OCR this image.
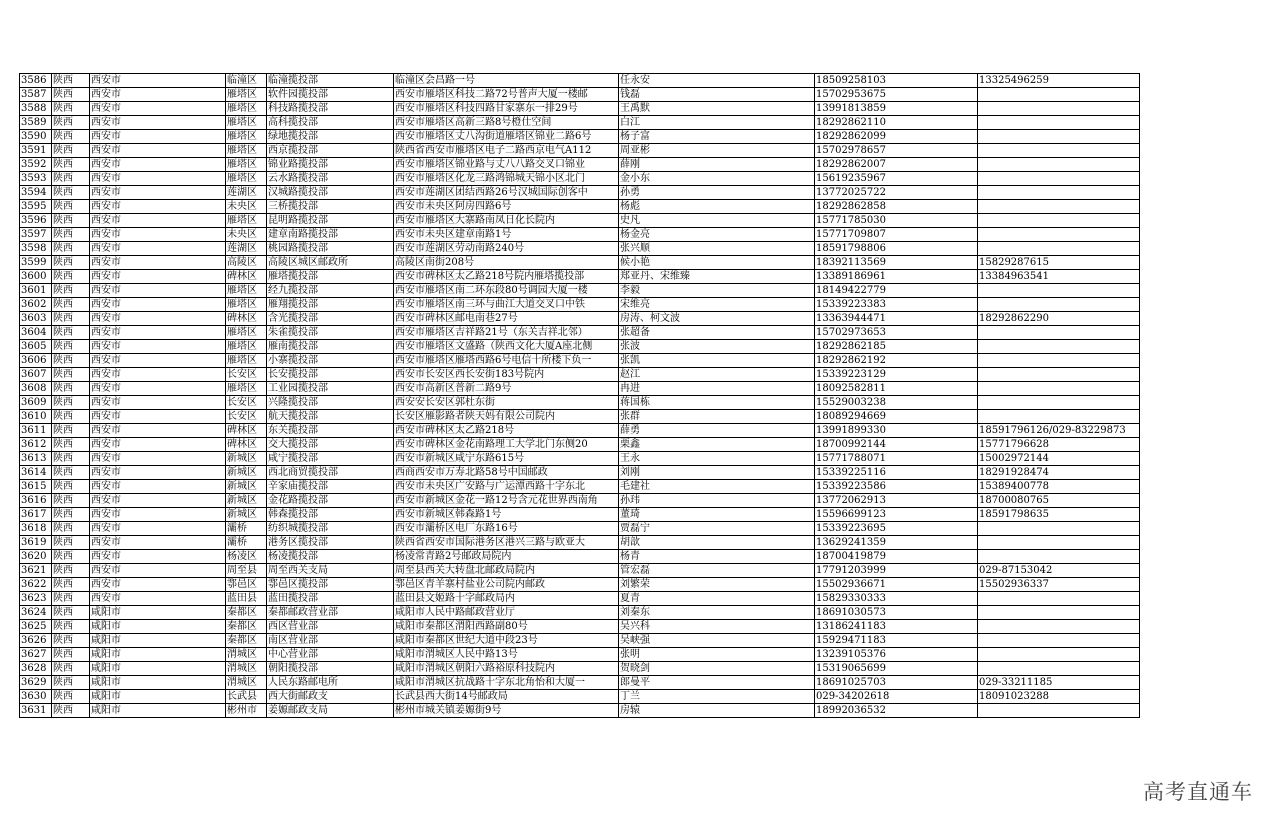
3586	陕西	西安市	临潼区	临潼揽投部	临潼区会昌路一号	任永安	18509258103	13325496259
3587	陕西	西安市	雁塔区	软件园揽投部	西安市雁塔区科技二路72号普声大厦一楼邮	钱磊	15702953675	
3588	陕西	西安市	雁塔区	科技路揽投部	西安市雁塔区科技四路甘家寨东一排29号	王禹默	13991813859	
3589	陕西	西安市	雁塔区	高科揽投部	西安市雁塔区高新三路8号橙仕空间	白江	18292862110	
3590	陕西	西安市	雁塔区	绿地揽投部	西安市雁塔区丈八沟街道雁塔区锦业二路6号	杨子富	18292862099	
3591	陕西	西安市	雁塔区	西京揽投部	陕西省西安市雁塔区电子二路西京电气A112	周亚彬	15702978657	
3592	陕西	西安市	雁塔区	锦业路揽投部	西安市雁塔区锦业路与丈八八路交叉口锦业	薛刚	18292862007	
3593	陕西	西安市	雁塔区	云水路揽投部	西安市雁塔区化龙三路鸿锦城天锦小区北门	金小东	15619235967	
3594	陕西	西安市	莲湖区	汉城路揽投部	西安市莲湖区团结西路26号汉城国际创客中	孙勇	13772025722	
3595	陕西	西安市	未央区	三桥揽投部	西安市未央区阿房四路6号	杨彪	18292862858	
3596	陕西	西安市	雁塔区	昆明路揽投部	西安市雁塔区大寨路南凤日化长院内	史凡	15771785030	
3597	陕西	西安市	未央区	建章南路揽投部	西安市未央区建章南路1号	杨金亮	15771709807	
3598	陕西	西安市	莲湖区	桃园路揽投部	西安市莲湖区劳动南路240号	张兴顺	18591798806	
3599	陕西	西安市	高陵区	高陵区城区邮政所	高陵区南街208号	候小艳	18392113569	15829287615
3600	陕西	西安市	碑林区	雁塔揽投部	西安市碑林区太乙路218号院内雁塔揽投部	郑亚丹、宋维臻	13389186961	13384963541
3601	陕西	西安市	雁塔区	经九揽投部	西安市雁塔区南二环东段80号调园大厦一楼	李毅	18149422779	
3602	陕西	西安市	雁塔区	雁翔揽投部	西安市雁塔区南三环与曲江大道交叉口中铁	宋维亮	15339223383	
3603	陕西	西安市	碑林区	含光揽投部	西安市碑林区邮电南巷27号	房涛、柯文波	13363944471	18292862290
3604	陕西	西安市	雁塔区	朱雀揽投部	西安市雁塔区吉祥路21号（东关吉祥北邻）	张超备	15702973653	
3605	陕西	西安市	雁塔区	雁南揽投部	西安市雁塔区文盛路（陕西文化大厦A座北侧	张波	18292862185	
3606	陕西	西安市	雁塔区	小寨揽投部	西安市雁塔区雁塔西路6号电信十所楼下负一	张凯	18292862192	
3607	陕西	西安市	长安区	长安揽投部	西安市长安区西长安街183号院内	赵江	15339223129	
3608	陕西	西安市	雁塔区	工业园揽投部	西安市高新区普新二路9号	冉进	18092582811	
3609	陕西	西安市	长安区	兴隆揽投部	西安安长安区郭杜东街	蒋国栋	15529003238	
3610	陕西	西安市	长安区	航天揽投部	长安区雁影路者陕天妈有限公司院内	张群	18089294669	
3611	陕西	西安市	碑林区	东关揽投部	西安市碑林区太乙路218号	薛勇	13991899330	18591796126/029-83229873
3612	陕西	西安市	碑林区	交大揽投部	西安市碑林区金花南路理工大学北门东侧20	栗鑫	18700992144	15771796628
3613	陕西	西安市	新城区	咸宁揽投部	西安市新城区咸宁东路615号	王永	15771788071	15002972144
3614	陕西	西安市	新城区	西北商贸揽投部	西商西安市万寿北路58号中国邮政	刘刚	15339225116	18291928474
3615	陕西	西安市	新城区	辛家庙揽投部	西安市未央区广安路与广运潭西路十字东北	毛建社	15339223586	15389400778
3616	陕西	西安市	新城区	金花路揽投部	西安市新城区金花一路12号含元花世界西南角	孙玮	13772062913	18700080765
3617	陕西	西安市	新城区	韩森揽投部	西安市新城区韩森路1号	董琦	15596699123	18591798635
3618	陕西	西安市	灞桥	纺织城揽投部	西安市灞桥区电厂东路16号	贾磊宁	15339223695	
3619	陕西	西安市	灞桥	港务区揽投部	陕西省西安市国际港务区港兴三路与欧亚大	胡歆	13629241359	
3620	陕西	西安市	杨凌区	杨凌揽投部	杨凌常青路2号邮政局院内	杨青	18700419879	
3621	陕西	西安市	周至县	周至西关支局	周至县西关大转盘北邮政局院内	管宏磊	17791203999	029-87153042
3622	陕西	西安市	鄠邑区	鄠邑区揽投部	鄠邑区青羊寨村盐业公司院内邮政	刘繁荣	15502936671	15502936337
3623	陕西	西安市	蓝田县	蓝田揽投部	蓝田县文姬路十字邮政局内	夏青	15829330333	
3624	陕西	咸阳市	秦都区	秦都邮政营业部	咸阳市人民中路邮政营业厅	刘秦东	18691030573	
3625	陕西	咸阳市	秦都区	西区营业部	咸阳市秦都区渭阳西路副80号	吴兴科	13186241183	
3626	陕西	咸阳市	秦都区	南区营业部	咸阳市秦都区世纪大道中段23号	吴峡强	15929471183	
3627	陕西	咸阳市	渭城区	中心营业部	咸阳市渭城区人民中路13号	张明	13239105376	
3628	陕西	咸阳市	渭城区	朝阳揽投部	咸阳市渭城区朝阳六路裕原科技院内	贺晓剑	15319065699	
3629	陕西	咸阳市	渭城区	人民东路邮电所	咸阳市渭城区抗战路十字东北角怡和大厦一	郎曼平	18691025703	029-33211185
3630	陕西	咸阳市	长武县	西大街邮政支	长武县西大街14号邮政局	丁兰	029-34202618	18091023288
3631	陕西	咸阳市	彬州市	姜嫄邮政支局	彬州市城关镇姜嫄街9号	房辕	18992036532	
高考直通车
